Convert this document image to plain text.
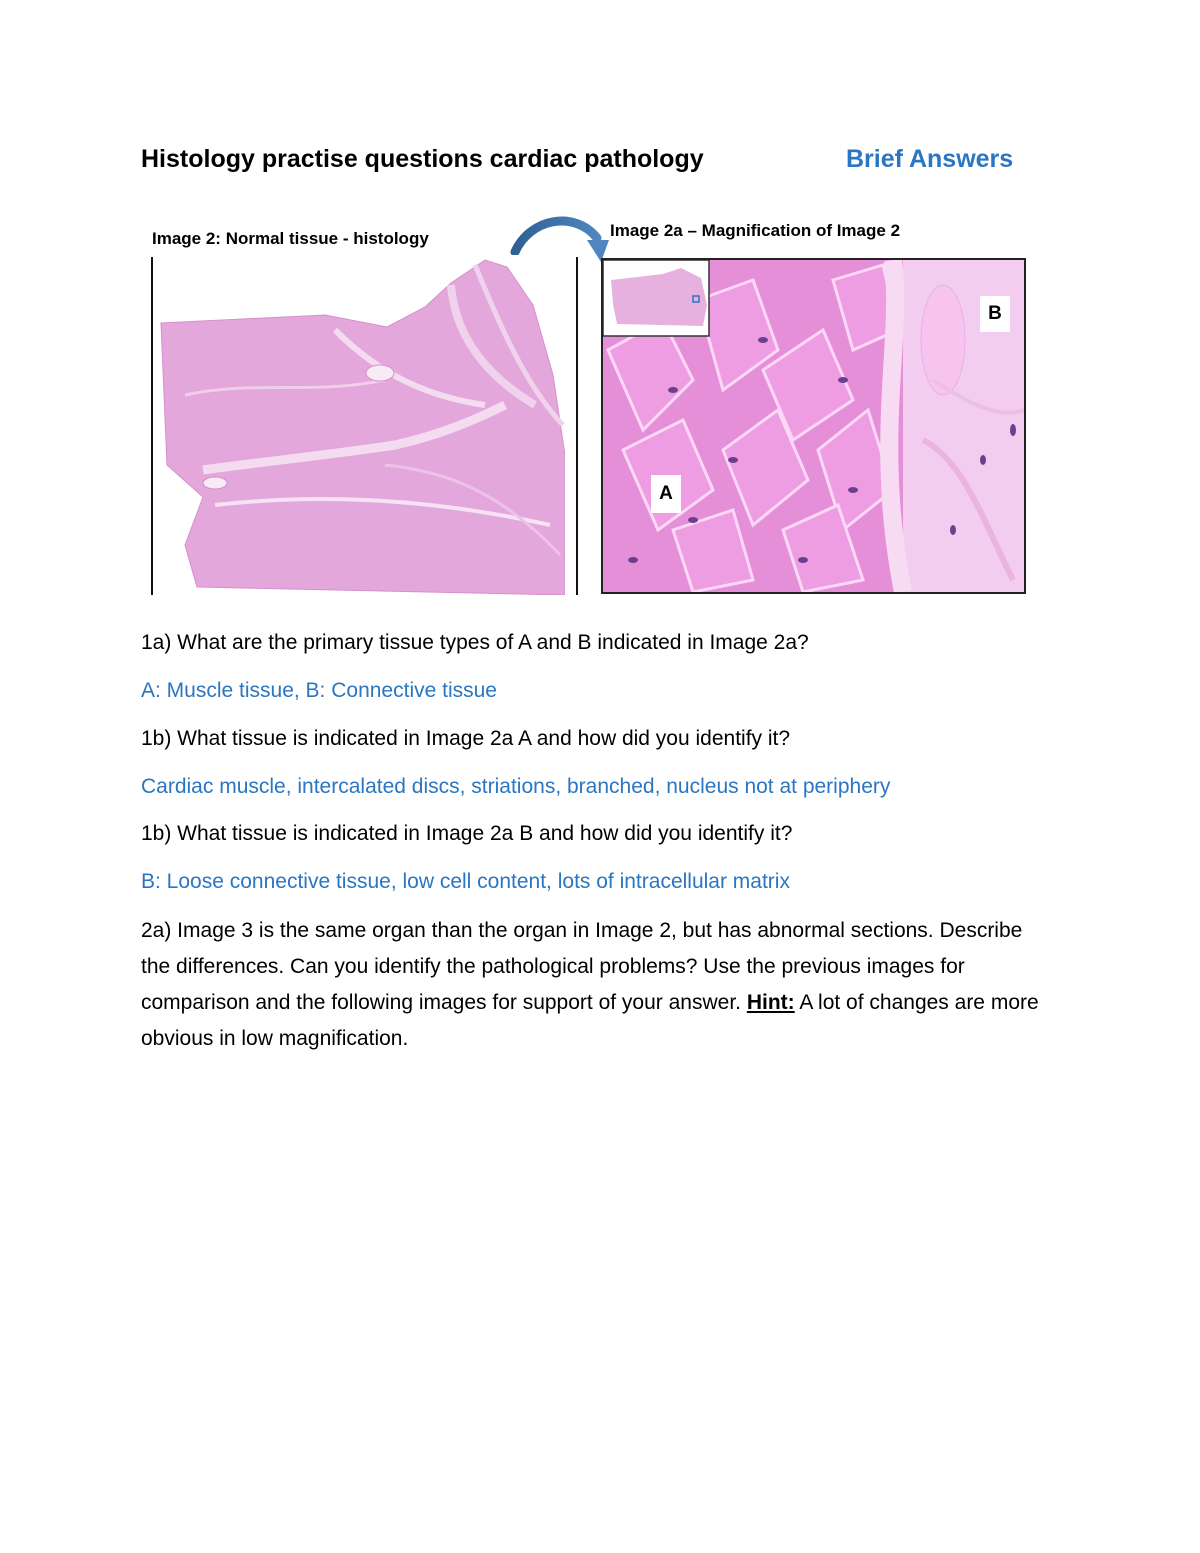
Histology practise questions cardiac pathology	Brief Answers
Image 2: Normal tissue - histology	Image 2a – Magnification of Image 2
A
B

1a) What are the primary tissue types of A and B indicated in Image 2a?

A: Muscle tissue, B: Connective tissue

1b) What tissue is indicated in Image 2a A and how did you identify it?

Cardiac muscle, intercalated discs, striations, branched, nucleus not at periphery

1b) What tissue is indicated in Image 2a B and how did you identify it?

B: Loose connective tissue, low cell content, lots of intracellular matrix

2a) Image 3 is the same organ than the organ in Image 2, but has abnormal sections. Describe the differences. Can you identify the pathological problems? Use the previous images for comparison and the following images for support of your answer. Hint: A lot of changes are more obvious in low magnification.
